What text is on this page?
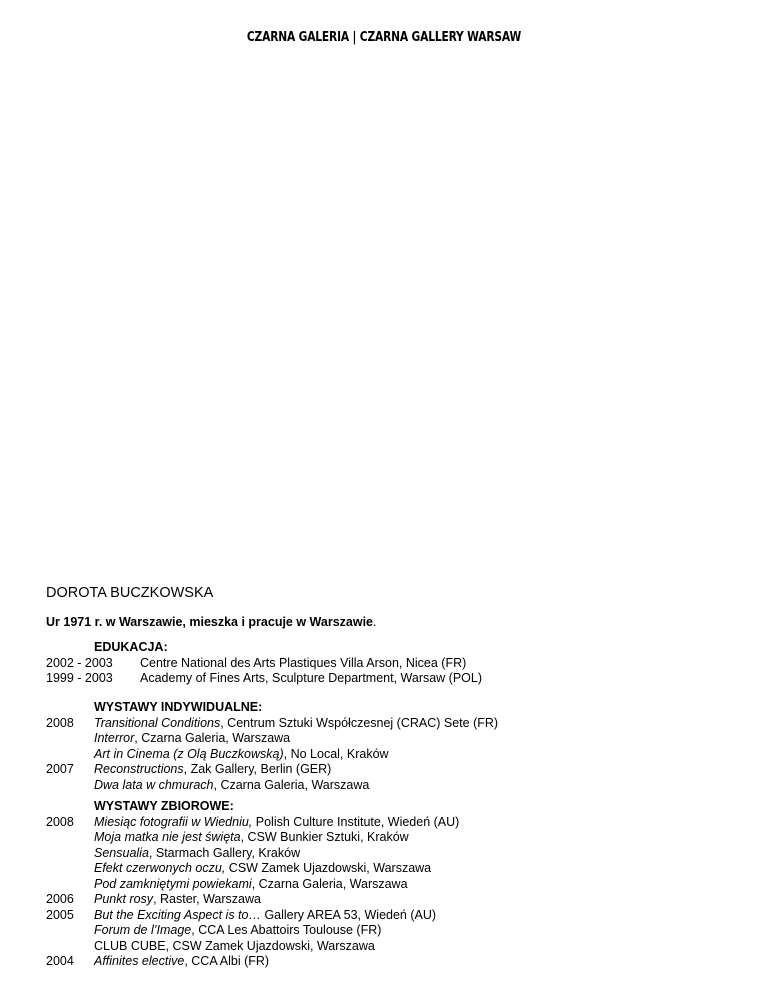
CZARNA GALERIA | CZARNA GALLERY WARSAW
DOROTA BUCZKOWSKA
Ur 1971 r. w Warszawie, mieszka i pracuje w Warszawie.
EDUKACJA:
2002 - 2003	Centre National des Arts Plastiques Villa Arson, Nicea (FR)
1999 - 2003	Academy of Fines Arts, Sculpture Department, Warsaw (POL)
WYSTAWY INDYWIDUALNE:
2008	Transitional Conditions, Centrum Sztuki Współczesnej (CRAC) Sete (FR)
Interror, Czarna Galeria, Warszawa
Art in Cinema (z Olą Buczkowską), No Local, Kraków
2007	Reconstructions, Zak Gallery, Berlin (GER)
Dwa lata w chmurach, Czarna Galeria, Warszawa
WYSTAWY ZBIOROWE:
2008	Miesiąc fotografii w Wiedniu, Polish Culture Institute, Wiedeń (AU)
Moja matka nie jest święta, CSW Bunkier Sztuki, Kraków
Sensualia, Starmach Gallery, Kraków
Efekt czerwonych oczu, CSW Zamek Ujazdowski, Warszawa
Pod zamkniętymi powiekami, Czarna Galeria, Warszawa
2006	Punkt rosy, Raster, Warszawa
2005	But the Exciting Aspect is to… Gallery AREA 53, Wiedeń (AU)
Forum de l’Image, CCA Les Abattoirs Toulouse (FR)
CLUB CUBE, CSW Zamek Ujazdowski, Warszawa
2004	Affinites elective, CCA Albi (FR)
